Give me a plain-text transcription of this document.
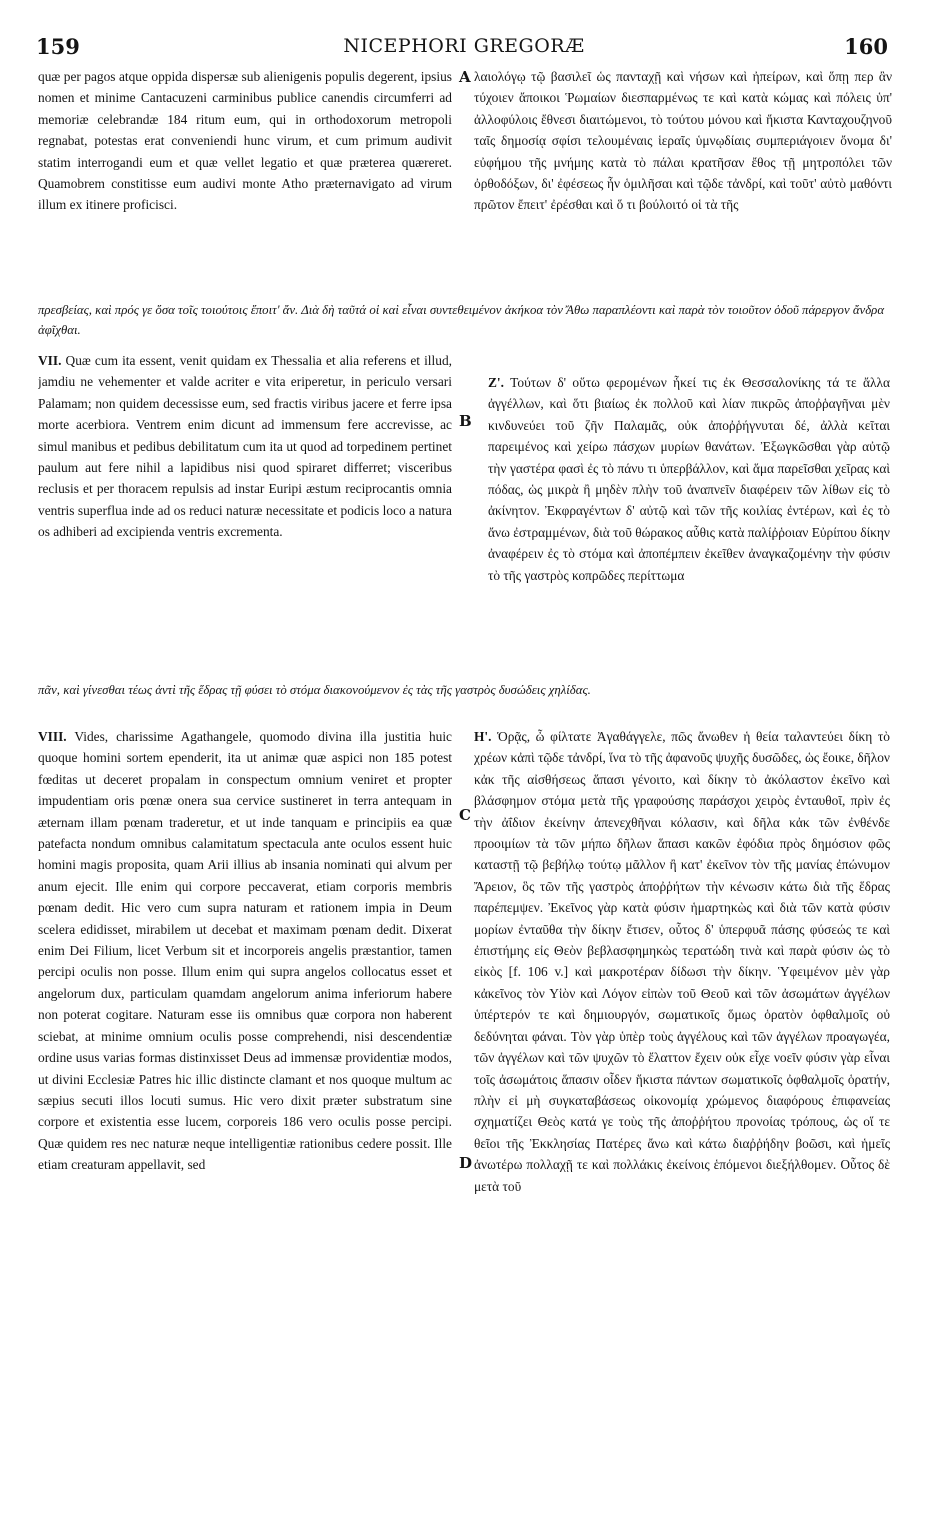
159	NICEPHORI GREGORÆ	160
A
B
C
D

quæ per pagos atque oppida dispersæ sub alienigenis populis degerent, ipsius nomen et minime Cantacuzeni carminibus publice canendis circumferri ad memoriæ celebrandæ 184 ritum eum, qui in orthodoxorum metropoli regnabat, potestas erat conveniendi hunc virum, et cum primum audivit statim interrogandi eum et quæ vellet legatio et quæ præterea quæreret. Quamobrem constitisse eum audivi monte Atho præternavigato ad virum illum ex itinere proficisci.

λαιολόγῳ τῷ βασιλεῖ ὡς πανταχῇ καὶ νήσων καὶ ἠπείρων, καὶ ὅπῃ περ ἂν τύχοιεν ἄποικοι Ῥωμαίων διεσπαρμένως τε καὶ κατὰ κώμας καὶ πόλεις ὑπ' ἀλλοφύλοις ἔθνεσι διαιτώμενοι, τὸ τούτου μόνου καὶ ἥκιστα Κανταχουζηνοῦ ταῖς δημοσίᾳ σφίσι τελουμέναις ἱεραῖς ὑμνῳδίαις συμπεριάγοιεν ὄνομα δι' εὐφήμου τῆς μνήμης κατὰ τὸ πάλαι κρατῆσαν ἔθος τῇ μητροπόλει τῶν ὀρθοδόξων, δι' ἐφέσεως ἦν ὁμιλῆσαι καὶ τῷδε τἀνδρί, καὶ τοῦτ' αὐτὸ μαθόντι πρῶτον ἔπειτ' ἐρέσθαι καὶ ὅ τι βούλοιτό οἱ τὰ τῆς

πρεσβείας, καὶ πρός γε ὅσα τοῖς τοιούτοις ἕποιτ' ἄν. Διὰ δὴ ταῦτά οἱ καὶ εἶναι συντεθειμένον ἀκήκοα τὸν Ἄθω παραπλέοντι καὶ παρὰ τὸν τοιοῦτον ὁδοῦ πάρεργον ἄνδρα ἀφῖχθαι.
VII. Quæ cum ita essent, venit quidam ex Thessalia et alia referens et illud, jamdiu ne vehementer et valde acriter e vita eriperetur, in periculo versari Palamam; non quidem decessisse eum, sed fractis viribus jacere et ferre ipsa morte acerbiora. Ventrem enim dicunt ad immensum fere accrevisse, ac simul manibus et pedibus debilitatum cum ita ut quod ad torpedinem pertinet paulum aut fere nihil a lapidibus nisi quod spiraret differret; visceribus reclusis et per thoracem repulsis ad instar Euripi æstum reciprocantis omnia ventris superflua inde ad os reduci naturæ necessitate et podicis loco a natura os adhiberi ad excipienda ventris excrementa.
Ζ'. Τούτων δ' οὕτω φερομένων ἧκεί τις ἐκ Θεσσαλονίκης τά τε ἄλλα ἀγγέλλων, καὶ ὅτι βιαίως ἐκ πολλοῦ καὶ λίαν πικρῶς ἀποῤῥαγῆναι μὲν κινδυνεύει τοῦ ζῆν Παλαμᾶς, οὐκ ἀποῤῥήγνυται δέ, ἀλλὰ κεῖται παρειμένος καὶ χείρω πάσχων μυρίων θανάτων. Ἐξωγκῶσθαι γὰρ αὐτῷ τὴν γαστέρα φασὶ ἐς τὸ πάνυ τι ὑπερβάλλον, καὶ ἅμα παρεῖσθαι χεῖρας καὶ πόδας, ὡς μικρὰ ἢ μηδὲν πλὴν τοῦ ἀναπνεῖν διαφέρειν τῶν λίθων εἰς τὸ ἀκίνητον. Ἐκφραγέντων δ' αὐτῷ καὶ τῶν τῆς κοιλίας ἐντέρων, καὶ ἐς τὸ ἄνω ἐστραμμένων, διὰ τοῦ θώρακος αὖθις κατὰ παλίῤῥοιαν Εὐρίπου δίκην ἀναφέρειν ἐς τὸ στόμα καὶ ἀποπέμπειν ἐκεῖθεν ἀναγκαζομένην τὴν φύσιν τὸ τῆς γαστρὸς κοπρῶδες περίττωμα
πᾶν, καὶ γίνεσθαι τέως ἀντὶ τῆς ἕδρας τῇ φύσει τὸ στόμα διακονούμενον ἐς τὰς τῆς γαστρὸς δυσώδεις χηλίδας.
VIII. Vides, charissime Agathangele, quomodo divina illa justitia huic quoque homini sortem ependerit, ita ut animæ quæ aspici non 185 potest fœditas ut deceret propalam in conspectum omnium veniret et propter impudentiam oris pœnæ onera sua cervice sustineret in terra antequam in æternam illam pœnam traderetur, et ut inde tanquam e principiis ea quæ patefacta nondum omnibus calamitatum spectacula ante oculos essent huic homini magis proposita, quam Arii illius ab insania nominati qui alvum per anum ejecit. Ille enim qui corpore peccaverat, etiam corporis membris pœnam dedit. Hic vero cum supra naturam et rationem impia in Deum scelera edidisset, mirabilem ut decebat et maximam pœnam dedit. Dixerat enim Dei Filium, licet Verbum sit et incorporeis angelis præstantior, tamen percipi oculis non posse. Illum enim qui supra angelos collocatus esset et angelorum dux, particulam quamdam angelorum anima inferiorum habere non poterat cogitare. Naturam esse iis omnibus quæ corpora non haberent sciebat, at minime omnium oculis posse comprehendi, nisi descendentiæ ordine usus varias formas distinxisset Deus ad immensæ providentiæ modos, ut divini Ecclesiæ Patres hic illic distincte clamant et nos quoque multum ac sæpius secuti illos locuti sumus. Hic vero dixit præter substratum sine corpore et existentia esse lucem, corporeis 186 vero oculis posse percipi. Quæ quidem res nec naturæ neque intelligentiæ rationibus cedere possit. Ille etiam creaturam appellavit, sed
Η'. Ὁρᾷς, ὦ φίλτατε Ἀγαθάγγελε, πῶς ἄνωθεν ἡ θεία ταλαντεύει δίκη τὸ χρέων κἀπὶ τῷδε τἀνδρί, ἵνα τὸ τῆς ἀφανοῦς ψυχῆς δυσῶδες, ὡς ἔοικε, δῆλον κἀκ τῆς αἰσθήσεως ἅπασι γένοιτο, καὶ δίκην τὸ ἀκόλαστον ἐκεῖνο καὶ βλάσφημον στόμα μετὰ τῆς γραφούσης παράσχοι χειρὸς ἐνταυθοῖ, πρὶν ἐς τὴν ἀΐδιον ἐκείνην ἀπενεχθῆναι κόλασιν, καὶ δῆλα κἀκ τῶν ἐνθένδε προοιμίων τὰ τῶν μήπω δῆλων ἅπασι κακῶν ἐφόδια πρὸς δημόσιον φῶς καταστῇ τῷ βεβήλῳ τούτῳ μᾶλλον ἢ κατ' ἐκεῖνον τὸν τῆς μανίας ἐπώνυμον Ἄρειον, ὃς τῶν τῆς γαστρὸς ἀποῤῥήτων τὴν κένωσιν κάτω διὰ τῆς ἕδρας παρέπεμψεν. Ἐκεῖνος γὰρ κατὰ φύσιν ἡμαρτηκὼς καὶ διὰ τῶν κατὰ φύσιν μορίων ἐνταῦθα τὴν δίκην ἔτισεν, οὗτος δ' ὑπερφυᾶ πάσης φύσεώς τε καὶ ἐπιστήμης εἰς Θεὸν βεβλασφημηκὼς τερατώδη τινὰ καὶ παρὰ φύσιν ὡς τὸ εἰκὸς [f. 106 v.] καὶ μακροτέραν δίδωσι τὴν δίκην. Ὑφειμένον μὲν γὰρ κἀκεῖνος τὸν Υἱὸν καὶ Λόγον εἰπὼν τοῦ Θεοῦ καὶ τῶν ἀσωμάτων ἀγγέλων ὑπέρτερόν τε καὶ δημιουργόν, σωματικοῖς ὅμως ὁρατὸν ὀφθαλμοῖς οὐ δεδύνηται φάναι. Τὸν γὰρ ὑπὲρ τοὺς ἀγγέλους καὶ τῶν ἀγγέλων προαγωγέα, τῶν ἀγγέλων καὶ τῶν ψυχῶν τὸ ἔλαττον ἔχειν οὐκ εἶχε νοεῖν φύσιν γὰρ εἶναι τοῖς ἀσωμάτοις ἅπασιν οἶδεν ἥκιστα πάντων σωματικοῖς ὀφθαλμοῖς ὁρατήν, πλὴν εἰ μὴ συγκαταβάσεως οἰκονομίᾳ χρώμενος διαφόρους ἐπιφανείας σχηματίζει Θεὸς κατά γε τοὺς τῆς ἀποῤῥήτου προνοίας τρόπους, ὡς οἵ τε θεῖοι τῆς Ἐκκλησίας Πατέρες ἄνω καὶ κάτω διαῤῥήδην βοῶσι, καὶ ἡμεῖς ἀνωτέρω πολλαχῇ τε καὶ πολλάκις ἐκείνοις ἑπόμενοι διεξήλθομεν. Οὗτος δὲ μετὰ τοῦ
